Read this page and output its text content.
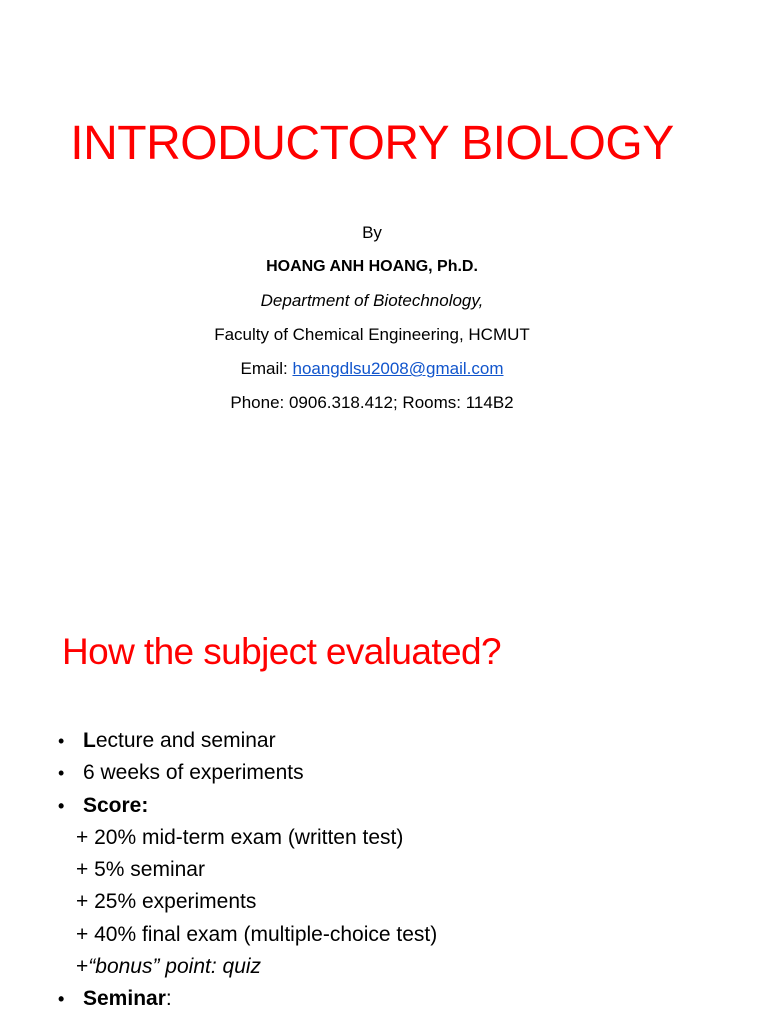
INTRODUCTORY BIOLOGY
By
HOANG ANH HOANG, Ph.D.
Department of Biotechnology,
Faculty of Chemical Engineering, HCMUT
Email: hoangdlsu2008@gmail.com
Phone: 0906.318.412; Rooms: 114B2
How the subject evaluated?
• Lecture and seminar
• 6 weeks of experiments
• Score:
+ 20% mid-term exam (written test)
+ 5% seminar
+ 25% experiments
+ 40% final exam (multiple-choice test)
+ “bonus” point: quiz
• Seminar:
